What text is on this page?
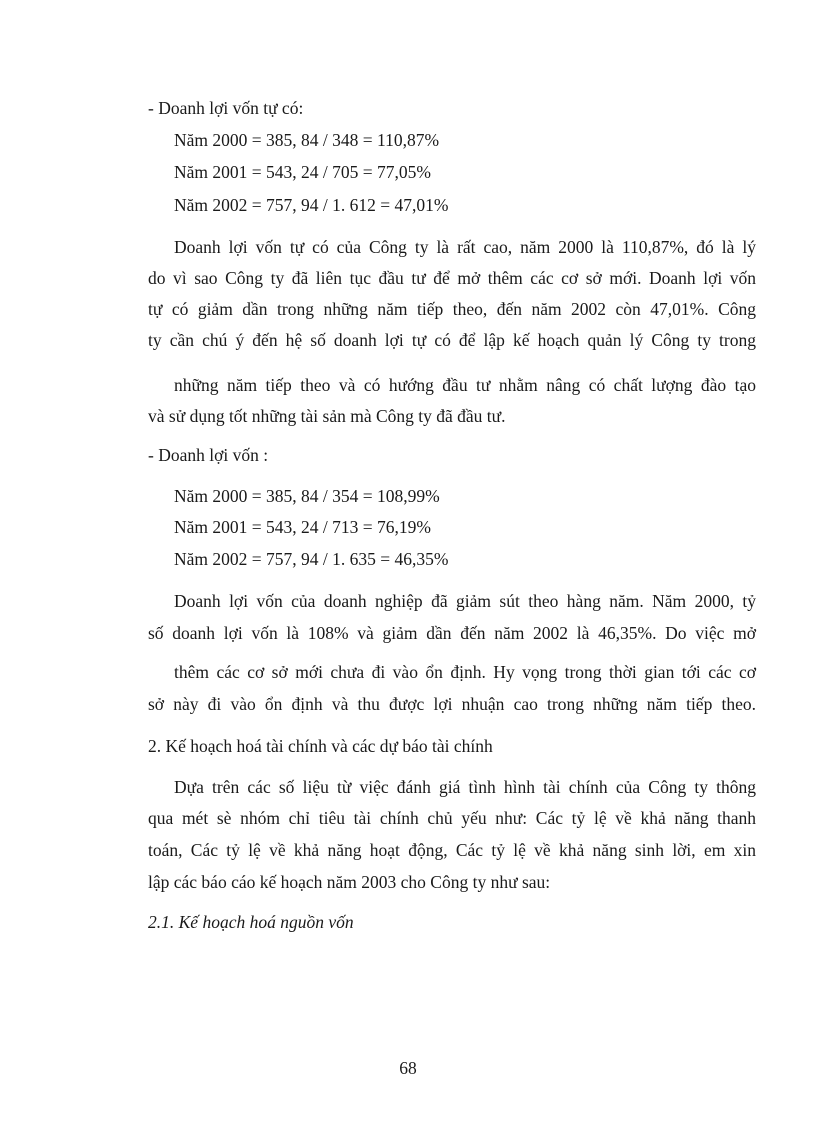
- Doanh lợi vốn tự có:
Năm 2000 = 385, 84 / 348 = 110,87%
Năm 2001 = 543, 24 / 705 = 77,05%
Năm 2002 = 757, 94 / 1. 612 = 47,01%
Doanh lợi vốn tự có của Công ty là rất cao, năm 2000 là 110,87%, đó là lý
do vì sao Công ty đã liên tục đầu tư để mở thêm các cơ sở mới. Doanh lợi vốn
tự có giảm dần trong những năm tiếp theo, đến năm 2002 còn 47,01%. Công
ty cần chú ý đến hệ số doanh lợi tự có để lập kế hoạch quản lý Công ty trong
những năm tiếp theo và có hướng đầu tư nhằm nâng có chất lượng đào tạo
và sử dụng tốt những tài sản mà Công ty đã đầu tư.
- Doanh lợi vốn :
Năm 2000 = 385, 84 / 354 = 108,99%
Năm 2001 = 543, 24 / 713 = 76,19%
Năm 2002 = 757, 94 / 1. 635 = 46,35%
Doanh lợi vốn của doanh nghiệp đã giảm sút theo hàng năm. Năm 2000, tỷ
số doanh lợi vốn là 108% và giảm dần đến năm 2002 là 46,35%. Do việc mở
thêm các cơ sở mới chưa đi vào ổn định. Hy vọng trong thời gian tới các cơ
sở này đi vào ổn định và thu được lợi nhuận cao trong những năm tiếp theo.
2. Kế hoạch hoá tài chính và các dự báo tài chính
Dựa trên các số liệu từ việc đánh giá tình hình tài chính của Công ty thông
qua mét sè nhóm chỉ tiêu tài chính chủ yếu như: Các tỷ lệ về khả năng thanh
toán, Các tỷ lệ về khả năng hoạt động, Các tỷ lệ về khả năng sinh lời, em xin
lập các báo cáo kế hoạch năm 2003 cho Công ty như sau:
2.1. Kế hoạch hoá nguồn vốn
68
